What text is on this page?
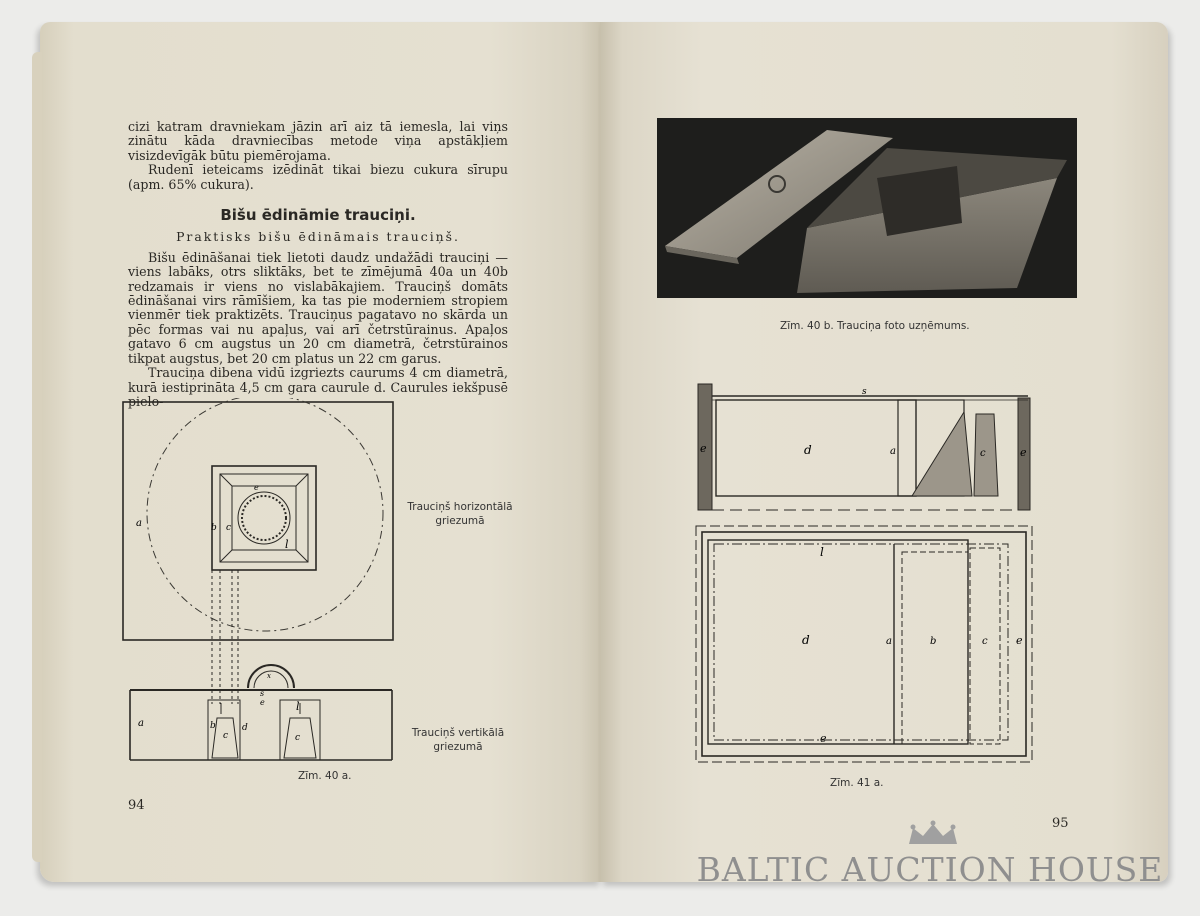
cizi katram dravniekam jāzin arī aiz tā iemesla, lai viņs zinātu kāda dravniecības metode viņa apstākļiem visizdevīgāk būtu piemērojama.

Rudenī ieteicams izēdināt tikai biezu cukura sīrupu (apm. 65% cukura).

Bišu ēdināmie trauciņi.

Praktisks bišu ēdināmais trauciņš.

Bišu ēdināšanai tiek lietoti daudz undažādi trauciņi — viens labāks, otrs sliktāks, bet te zīmējumā 40a un 40b redzamais ir viens no vislabākajiem. Trauciņš domāts ēdināšanai virs rāmīšiem, ka tas pie moderniem stropiem vienmēr tiek praktizēts. Trauciņus pagatavo no skārda un pēc formas vai nu apaļus, vai arī četrstūrainus. Apaļos gatavo 6 cm augstus un 20 cm diametrā, četrstūrainos tikpat augstus, bet 20 cm platus un 22 cm garus.

Trauciņa dibena vidū izgriezts caurums 4 cm diametrā, kurā iestiprināta 4,5 cm gara caurule d. Caurules iekšpusē pielo-

a	b c
e
l
x
s
e
a	b
c
d
l
c
Trauciņš horizontālā
griezumā
Trauciņš vertikālā
griezumā
Zīm. 40 a.
94
Zīm. 40 b. Trauciņa foto uzņēmums.
s
e	d	a	c	e
l
d	a	b	c	e
e
Zīm. 41 a.
95
BALTIC AUCTION HOUSE
